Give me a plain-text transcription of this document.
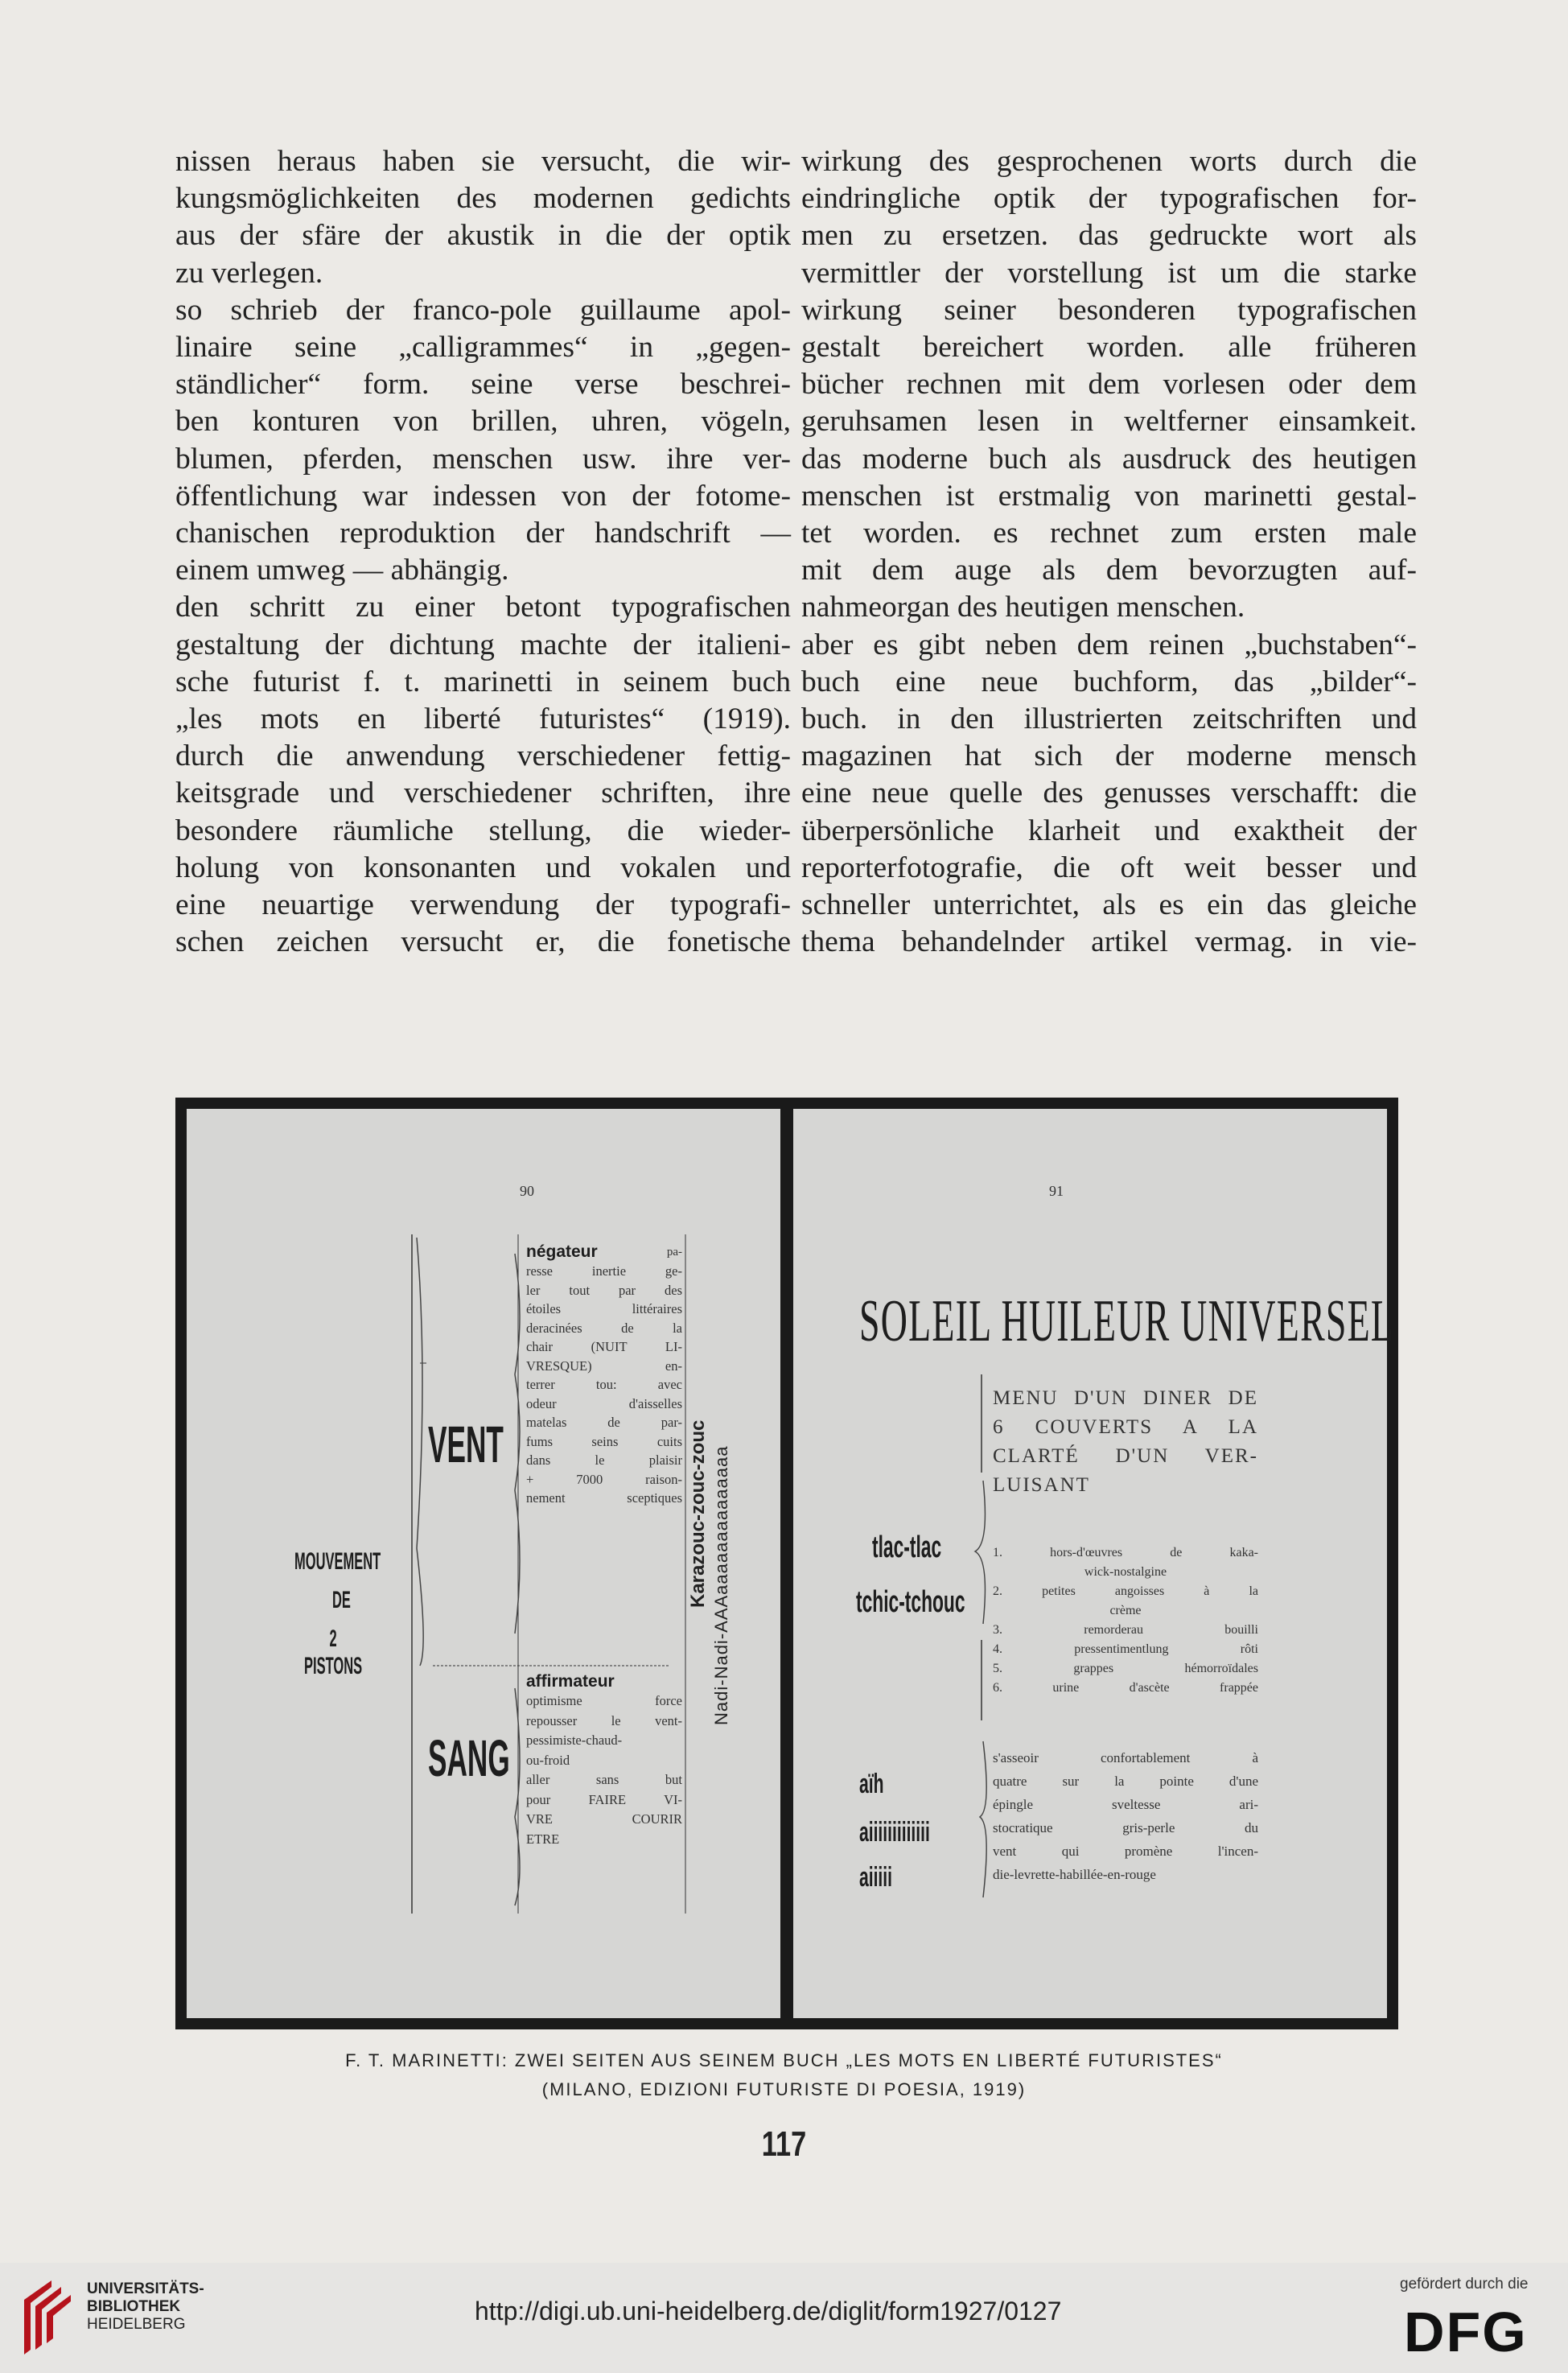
nissen heraus haben sie versucht, die wir-
kungsmöglichkeiten des modernen gedichts
aus der sfäre der akustik in die der optik
zu verlegen.
so schrieb der franco-pole guillaume apol-
linaire seine „calligrammes“ in „gegen-
ständlicher“ form. seine verse beschrei-
ben konturen von brillen, uhren, vögeln,
blumen, pferden, menschen usw. ihre ver-
öffentlichung war indessen von der fotome-
chanischen reproduktion der handschrift —
einem umweg — abhängig.
den schritt zu einer betont typografischen
gestaltung der dichtung machte der italieni-
sche futurist f. t. marinetti in seinem buch
„les mots en liberté futuristes“ (1919).
durch die anwendung verschiedener fettig-
keitsgrade und verschiedener schriften, ihre
besondere räumliche stellung, die wieder-
holung von konsonanten und vokalen und
eine neuartige verwendung der typografi-
schen zeichen versucht er, die fonetische
wirkung des gesprochenen worts durch die
eindringliche optik der typografischen for-
men zu ersetzen. das gedruckte wort als
vermittler der vorstellung ist um die starke
wirkung seiner besonderen typografischen
gestalt bereichert worden. alle früheren
bücher rechnen mit dem vorlesen oder dem
geruhsamen lesen in weltferner einsamkeit.
das moderne buch als ausdruck des heutigen
menschen ist erstmalig von marinetti gestal-
tet worden. es rechnet zum ersten male
mit dem auge als dem bevorzugten auf-
nahmeorgan des heutigen menschen.
aber es gibt neben dem reinen „buchstaben“-
buch eine neue buchform, das „bilder“-
buch. in den illustrierten zeitschriften und
magazinen hat sich der moderne mensch
eine neue quelle des genusses verschafft: die
überpersönliche klarheit und exaktheit der
reporterfotografie, die oft weit besser und
schneller unterrichtet, als es ein das gleiche
thema behandelnder artikel vermag. in vie-
90
MOUVEMENT
DE
2 PISTONS
VENT
SANG
négateur	pa-
resse inertie ge-
ler tout par des
étoiles littéraires
deracinées de la
chair (NUIT LI-
VRESQUE) en-
terrer tou: avec
odeur d'aisselles
matelas de par-
fums seins cuits
dans le plaisir
+ 7000 raison-
nement sceptiques
affirmateur
optimisme force
repousser le vent-
pessimiste-chaud-
ou-froid
aller sans but
pour FAIRE VI-
VRE COURIR
ETRE
Karazouc-zouc-zouc Nadi-Nadi-AAAaaaaaaaaaaaaaa
91
SOLEIL HUILEUR UNIVERSEL
MENU D'UN DINER DE
6 COUVERTS A LA
CLARTÉ D'UN VER-
LUISANT
tlac-tlac
tchic-tchouc
1. hors-d'œuvres de kaka-
wick-nostalgine
2. petites angoisses à la
crème
3. remorderau bouilli
4. pressentimentlung rôti
5. grappes hémorroïdales
6. urine d'ascète frappée
aïh
aiiiiiiiiiiiii
aiiiii
s'asseoir confortablement à
quatre sur la pointe d'une
épingle sveltesse ari-
stocratique gris-perle du
vent qui promène l'incen-
die-levrette-habillée-en-rouge
F. T. MARINETTI: ZWEI SEITEN AUS SEINEM BUCH „LES MOTS EN LIBERTÉ FUTURISTES“
(MILANO, EDIZIONI FUTURISTE DI POESIA, 1919)
117
UNIVERSITÄTS-
BIBLIOTHEK
HEIDELBERG	http://digi.ub.uni-heidelberg.de/diglit/form1927/0127
gefördert durch die
DFG
